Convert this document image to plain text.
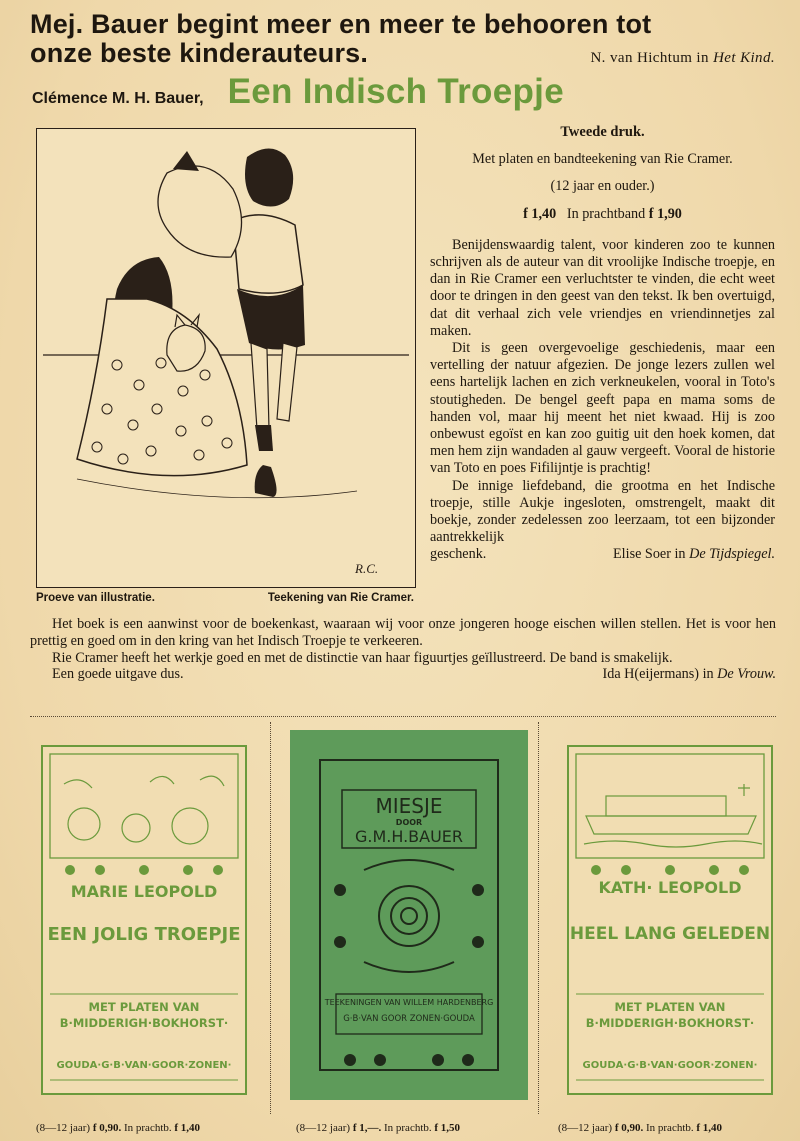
Mej. Bauer begint meer en meer te behooren tot
onze beste kinderauteurs.	N. van Hichtum in Het Kind.
Clémence M. H. Bauer, Een Indisch Troepje
R.C.
Proeve van illustratie.	Teekening van Rie Cramer.
Tweede druk.
Met platen en bandteekening van Rie Cramer.
(12 jaar en ouder.)
f 1,40 In prachtband f 1,90

Benijdenswaardig talent, voor kinderen zoo te kunnen schrijven als de auteur van dit vroolijke Indische troepje, en dan in Rie Cramer een verluchtster te vinden, die echt weet door te dringen in den geest van den tekst. Ik ben overtuigd, dat dit verhaal zich vele vriendjes en vriendinnetjes zal maken.

Dit is geen overgevoelige geschiedenis, maar een vertelling der natuur afgezien. De jonge lezers zullen wel eens hartelijk lachen en zich verkneukelen, vooral in Toto's stoutigheden. De bengel geeft papa en mama soms de handen vol, maar hij meent het niet kwaad. Hij is zoo onbewust egoïst en kan zoo guitig uit den hoek komen, dat men hem zijn wandaden al gauw vergeeft. Vooral de historie van Toto en poes Fifilijntje is prachtig!

De innige liefdeband, die grootma en het Indische troepje, stille Aukje ingesloten, omstrengelt, maakt dit boekje, zonder zedelessen zoo leerzaam, tot een bijzonder aantrekkelijk

geschenk.	Elise Soer in De Tijdspiegel.

Het boek is een aanwinst voor de boekenkast, waaraan wij voor onze jongeren hooge eischen willen stellen. Het is voor hen prettig en goed om in den kring van het Indisch Troepje te verkeeren.

Rie Cramer heeft het werkje goed en met de distinctie van haar figuurtjes geïllustreerd. De band is smakelijk.

Een goede uitgave dus.	Ida H(eijermans) in De Vrouw.
MARIE LEOPOLD
EEN JOLIG TROEPJE
MET PLATEN VAN
B·MIDDERIGH·BOKHORST·
GOUDA·G·B·VAN·GOOR·ZONEN·
(8—12 jaar) f 0,90. In prachtb. f 1,40
MIESJE
DOOR
G.M.H.BAUER
TEEKENINGEN VAN WILLEM HARDENBERG
G·B·VAN GOOR ZONEN·GOUDA
(8—12 jaar) f 1,—. In prachtb. f 1,50
KATH· LEOPOLD
HEEL LANG GELEDEN
MET PLATEN VAN
B·MIDDERIGH·BOKHORST·
GOUDA·G·B·VAN·GOOR·ZONEN·
(8—12 jaar) f 0,90. In prachtb. f 1,40
